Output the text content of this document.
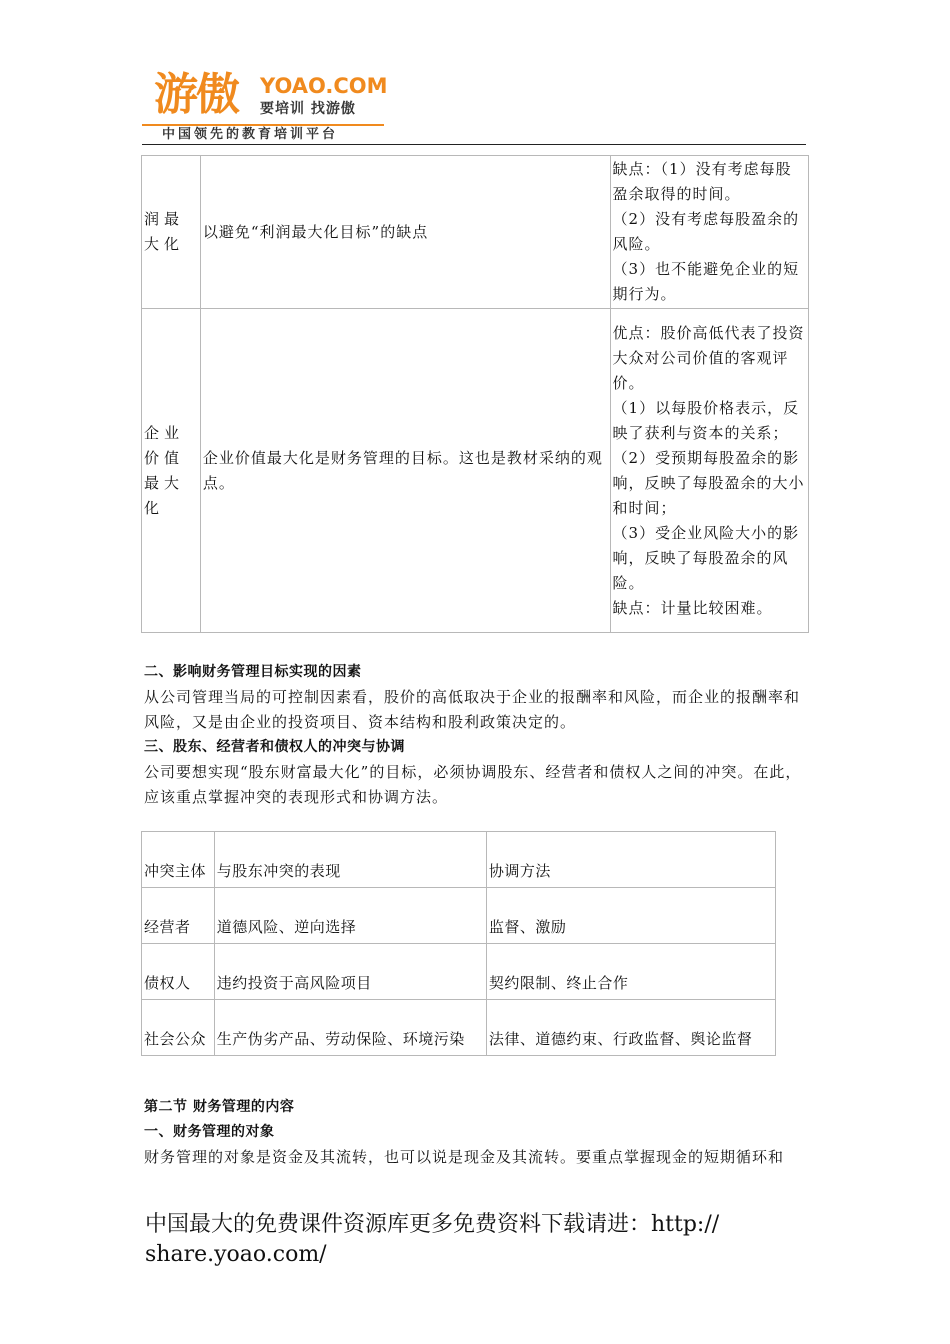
游傲 YOAO.COM
要培训 找游傲
中国领先的教育培训平台
润最大化	以避免“利润最大化目标”的缺点	缺点：（1）没有考虑每股盈余取得的时间。
（2）没有考虑每股盈余的风险。
（3）也不能避免企业的短期行为。

企业价值最大化	企业价值最大化是财务管理的目标。这也是教材采纳的观点。	优点：股价高低代表了投资大众对公司价值的客观评价。
（1）以每股价格表示，反映了获利与资本的关系；
（2）受预期每股盈余的影响，反映了每股盈余的大小和时间；
（3）受企业风险大小的影响，反映了每股盈余的风险。
缺点：计量比较困难。
二、影响财务管理目标实现的因素
从公司管理当局的可控制因素看，股价的高低取决于企业的报酬率和风险，而企业的报酬率和风险，又是由企业的投资项目、资本结构和股利政策决定的。
三、股东、经营者和债权人的冲突与协调
公司要想实现“股东财富最大化”的目标，必须协调股东、经营者和债权人之间的冲突。在此，应该重点掌握冲突的表现形式和协调方法。
冲突主体	与股东冲突的表现	协调方法
经营者	道德风险、逆向选择	监督、激励
债权人	违约投资于高风险项目	契约限制、终止合作
社会公众	生产伪劣产品、劳动保险、环境污染	法律、道德约束、行政监督、舆论监督
第二节 财务管理的内容
一、财务管理的对象
财务管理的对象是资金及其流转，也可以说是现金及其流转。要重点掌握现金的短期循环和
中国最大的免费课件资源库更多免费资料下载请进：http://
share.yoao.com/
